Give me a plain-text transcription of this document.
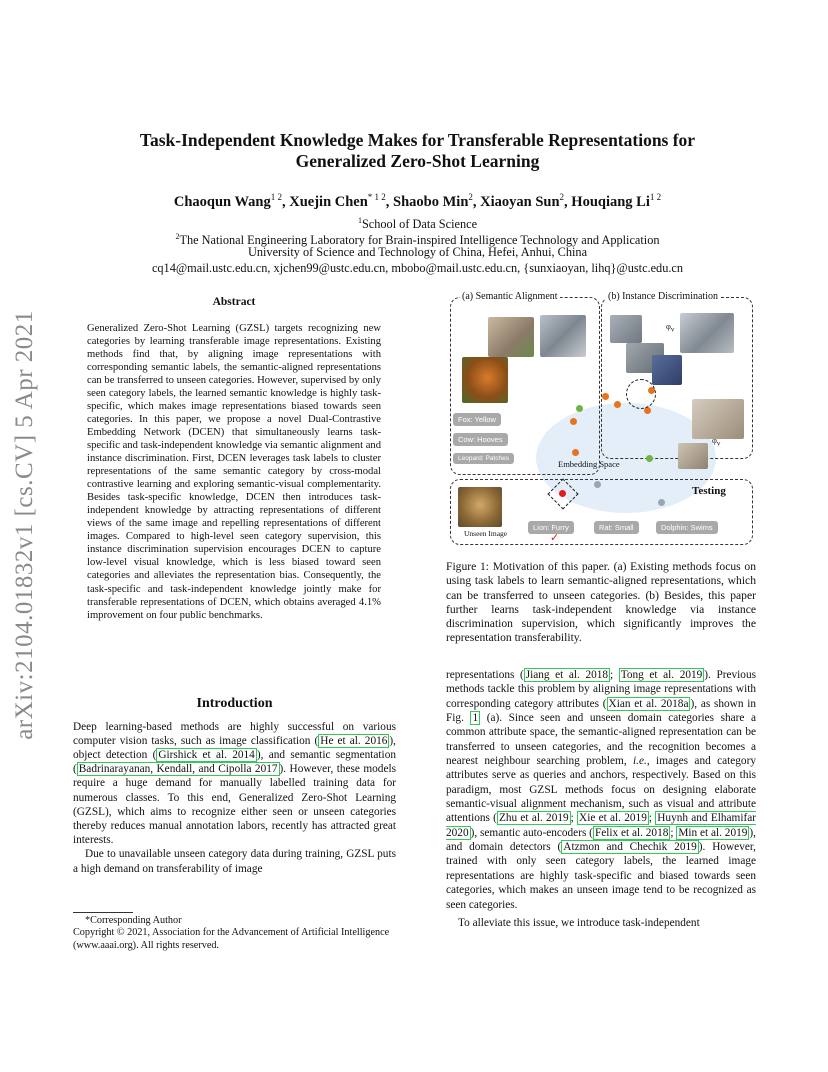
arXiv:2104.01832v1 [cs.CV] 5 Apr 2021
Task-Independent Knowledge Makes for Transferable Representations for
Generalized Zero-Shot Learning
Chaoqun Wang$^{1 2}$, Xuejin Chen$^{* 1 2}$, Shaobo Min$^2$, Xiaoyan Sun$^2$, Houqiang $Li^{1 2}$
$^1$School of Data Science
$^2$The National Engineering Laboratory for Brain-inspired Intelligence Technology and Application
University of Science and Technology of China, Hefei, Anhui, China
cq14@mail.ustc.edu.cn, xjchen99@ustc.edu.cn, mbobo@mail.ustc.edu.cn, {sunxiaoyan, lihq}@ustc.edu.cn
Abstract

Generalized Zero-Shot Learning (GZSL) targets recognizing new categories by learning transferable image representations. Existing methods find that, by aligning image representations with corresponding semantic labels, the semantic-aligned representations can be transferred to unseen categories. However, supervised by only seen category labels, the learned semantic knowledge is highly task-specific, which makes image representations biased towards seen categories. In this paper, we propose a novel Dual-Contrastive Embedding Network (DCEN) that simultaneously learns task-specific and task-independent knowledge via semantic alignment and instance discrimination. First, DCEN leverages task labels to cluster representations of the same semantic category by cross-modal contrastive learning and exploring semantic-visual complementarity. Besides task-specific knowledge, DCEN then introduces task-independent knowledge by attracting representations of different views of the same image and repelling representations of different images. Compared to high-level seen category supervision, this instance discrimination supervision encourages DCEN to capture low-level visual knowledge, which is less biased toward seen categories and alleviates the representation bias. Consequently, the task-specific and task-independent knowledge jointly make for transferable representations of DCEN, which obtains averaged 4.1% improvement on four public benchmarks.

Introduction

Deep learning-based methods are highly successful on various computer vision tasks, such as image classification ( He et al. 2016 ), object detection ( Girshick et al. 2014 ), and semantic segmentation ( Badrinarayanan, Kendall, and Cipolla 2017 ). However, these models require a huge demand for manually labelled training data for numerous classes. To this end, Generalized Zero-Shot Learning (GZSL), which aims to recognize either seen or unseen categories thereby reduces manual annotation labors, recently has attracted great interests.

Due to unavailable unseen category data during training, GZSL puts a high demand on transferability of image

*Corresponding Author
Copyright © 2021, Association for the Advancement of Artificial Intelligence (www.aaai.org). All rights reserved.
(a) Semantic Alignment	(b) Instance Discrimination
$\varphi_v$
$\varphi_v$
Fox: Yellow
Cow: Hooves
Leopard: Patches
Embedding Space
Testing
Unseen Image
Lion: Furry	Rat: Small	Dolphin: Swims
✓
Figure 1: Motivation of this paper. (a) Existing methods focus on using task labels to learn semantic-aligned representations, which can be transferred to unseen categories. (b) Besides, this paper further learns task-independent knowledge via instance discrimination supervision, which significantly improves the representation transferability.

representations ( Jiang et al. 2018 ; Tong et al. 2019 ). Previous methods tackle this problem by aligning image representations with corresponding category attributes ( Xian et al. 2018a ), as shown in Fig. 1 (a). Since seen and unseen domain categories share a common attribute space, the semantic-aligned representation can be transferred to unseen categories, and the recognition becomes a nearest neighbour searching problem, i.e., images and category attributes serve as queries and anchors, respectively. Based on this paradigm, most GZSL methods focus on designing elaborate semantic-visual alignment mechanism, such as visual and attribute attentions ( Zhu et al. 2019 ; Xie et al. 2019 ; Huynh and Elhamifar 2020 ), semantic auto-encoders ( Felix et al. 2018 ; Min et al. 2019 ), and domain detectors ( Atzmon and Chechik 2019 ). However, trained with only seen category labels, the learned image representations are highly task-specific and biased towards seen categories, which makes an unseen image tend to be recognized as seen categories.

To alleviate this issue, we introduce task-independent
